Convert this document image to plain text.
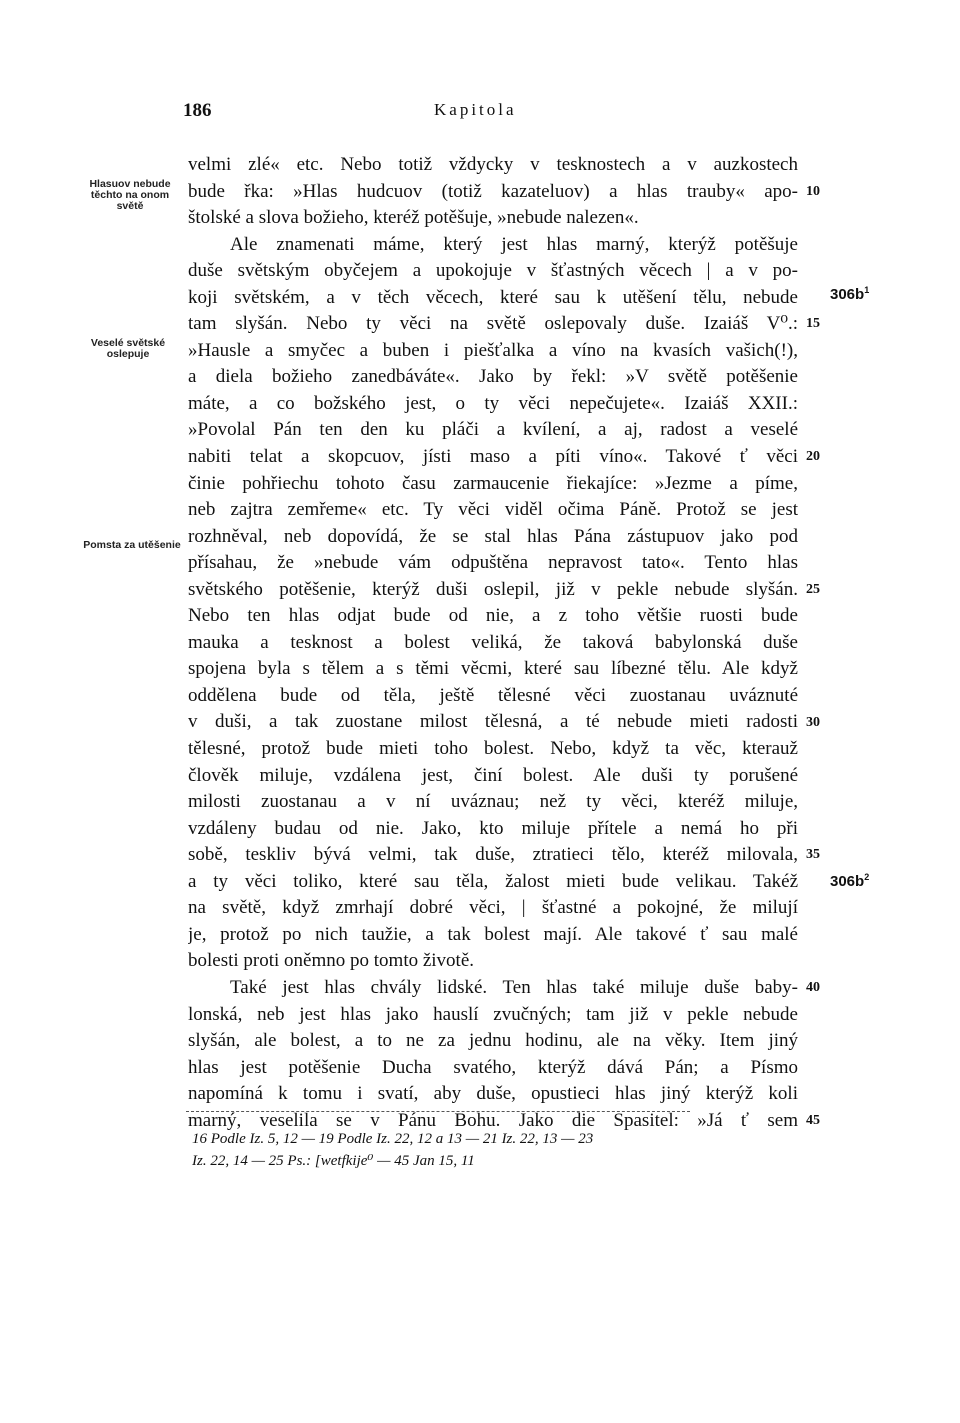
186	Kapitola
Hlasuov nebude těchto na onom světě
Veselé světské oslepuje
Pomsta za utěšenie
velmi zlé« etc. Nebo totiž vždycky v tesknostech a v auzkostech
bude řka: »Hlas hudcuov (totiž kazateluov) a hlas trauby« apo-
štolské a slova božieho, kteréž potěšuje, »nebude nalezen«.
Ale znamenati máme, který jest hlas marný, kterýž potěšuje
duše světským obyčejem a upokojuje v šťastných věcech | a v po-
koji světském, a v těch věcech, které sau k utěšení tělu, nebude
tam slyšán. Nebo ty věci na světě oslepovaly duše. Izaiáš V⁰.:
»Hausle a smyčec a buben i piešťalka a víno na kvasích vašich(!),
a diela božieho zanedbáváte«. Jako by řekl: »V světě potěšenie
máte, a co božského jest, o ty věci nepečujete«. Izaiáš XXII.:
»Povolal Pán ten den ku pláči a kvílení, a aj, radost a veselé
nabiti telat a skopcuov, jísti maso a píti víno«. Takové ť věci
činie pohřiechu tohoto času zarmaucenie řiekajíce: »Jezme a píme,
neb zajtra zemřeme« etc. Ty věci viděl očima Páně. Protož se jest
rozhněval, neb dopovídá, že se stal hlas Pána zástupuov jako pod
přísahau, že »nebude vám odpuštěna nepravost tato«. Tento hlas
světského potěšenie, kterýž duši oslepil, již v pekle nebude slyšán.
Nebo ten hlas odjat bude od nie, a z toho většie ruosti bude
mauka a tesknost a bolest veliká, že taková babylonská duše
spojena byla s tělem a s těmi věcmi, které sau líbezné tělu. Ale když
oddělena bude od těla, ještě tělesné věci zuostanau uváznuté
v duši, a tak zuostane milost tělesná, a té nebude mieti radosti
tělesné, protož bude mieti toho bolest. Nebo, když ta věc, kterauž
člověk miluje, vzdálena jest, činí bolest. Ale duši ty porušené
milosti zuostanau a v ní uváznau; než ty věci, kteréž miluje,
vzdáleny budau od nie. Jako, kto miluje přítele a nemá ho při
sobě, teskliv bývá velmi, tak duše, ztratieci tělo, kteréž milovala,
a ty věci toliko, které sau těla, žalost mieti bude velikau. Takéž
na světě, když zmrhají dobré věci, | šťastné a pokojné, že milují
je, protož po nich taužie, a tak bolest mají. Ale takové ť sau malé
bolesti proti oněmno po tomto životě.
Také jest hlas chvály lidské. Ten hlas také miluje duše baby-
lonská, neb jest hlas jako hauslí zvučných; tam již v pekle nebude
slyšán, ale bolest, a to ne za jednu hodinu, ale na věky. Item jiný
hlas jest potěšenie Ducha svatého, kterýž dává Pán; a Písmo
napomíná k tomu i svatí, aby duše, opustieci hlas jiný kterýž koli
marný, veselila se v Pánu Bohu. Jako die Spasitel: »Já ť sem
10
15
20
25
30
35
40
45
$306b^1$
$306b^2$
16 Podle Iz. 5, 12 — 19 Podle Iz. 22, 12 a 13 — 21 Iz. 22, 13 — 23
Iz. 22, 14 — 25 Ps.: [wetfkije⁰ — 45 Jan 15, 11
